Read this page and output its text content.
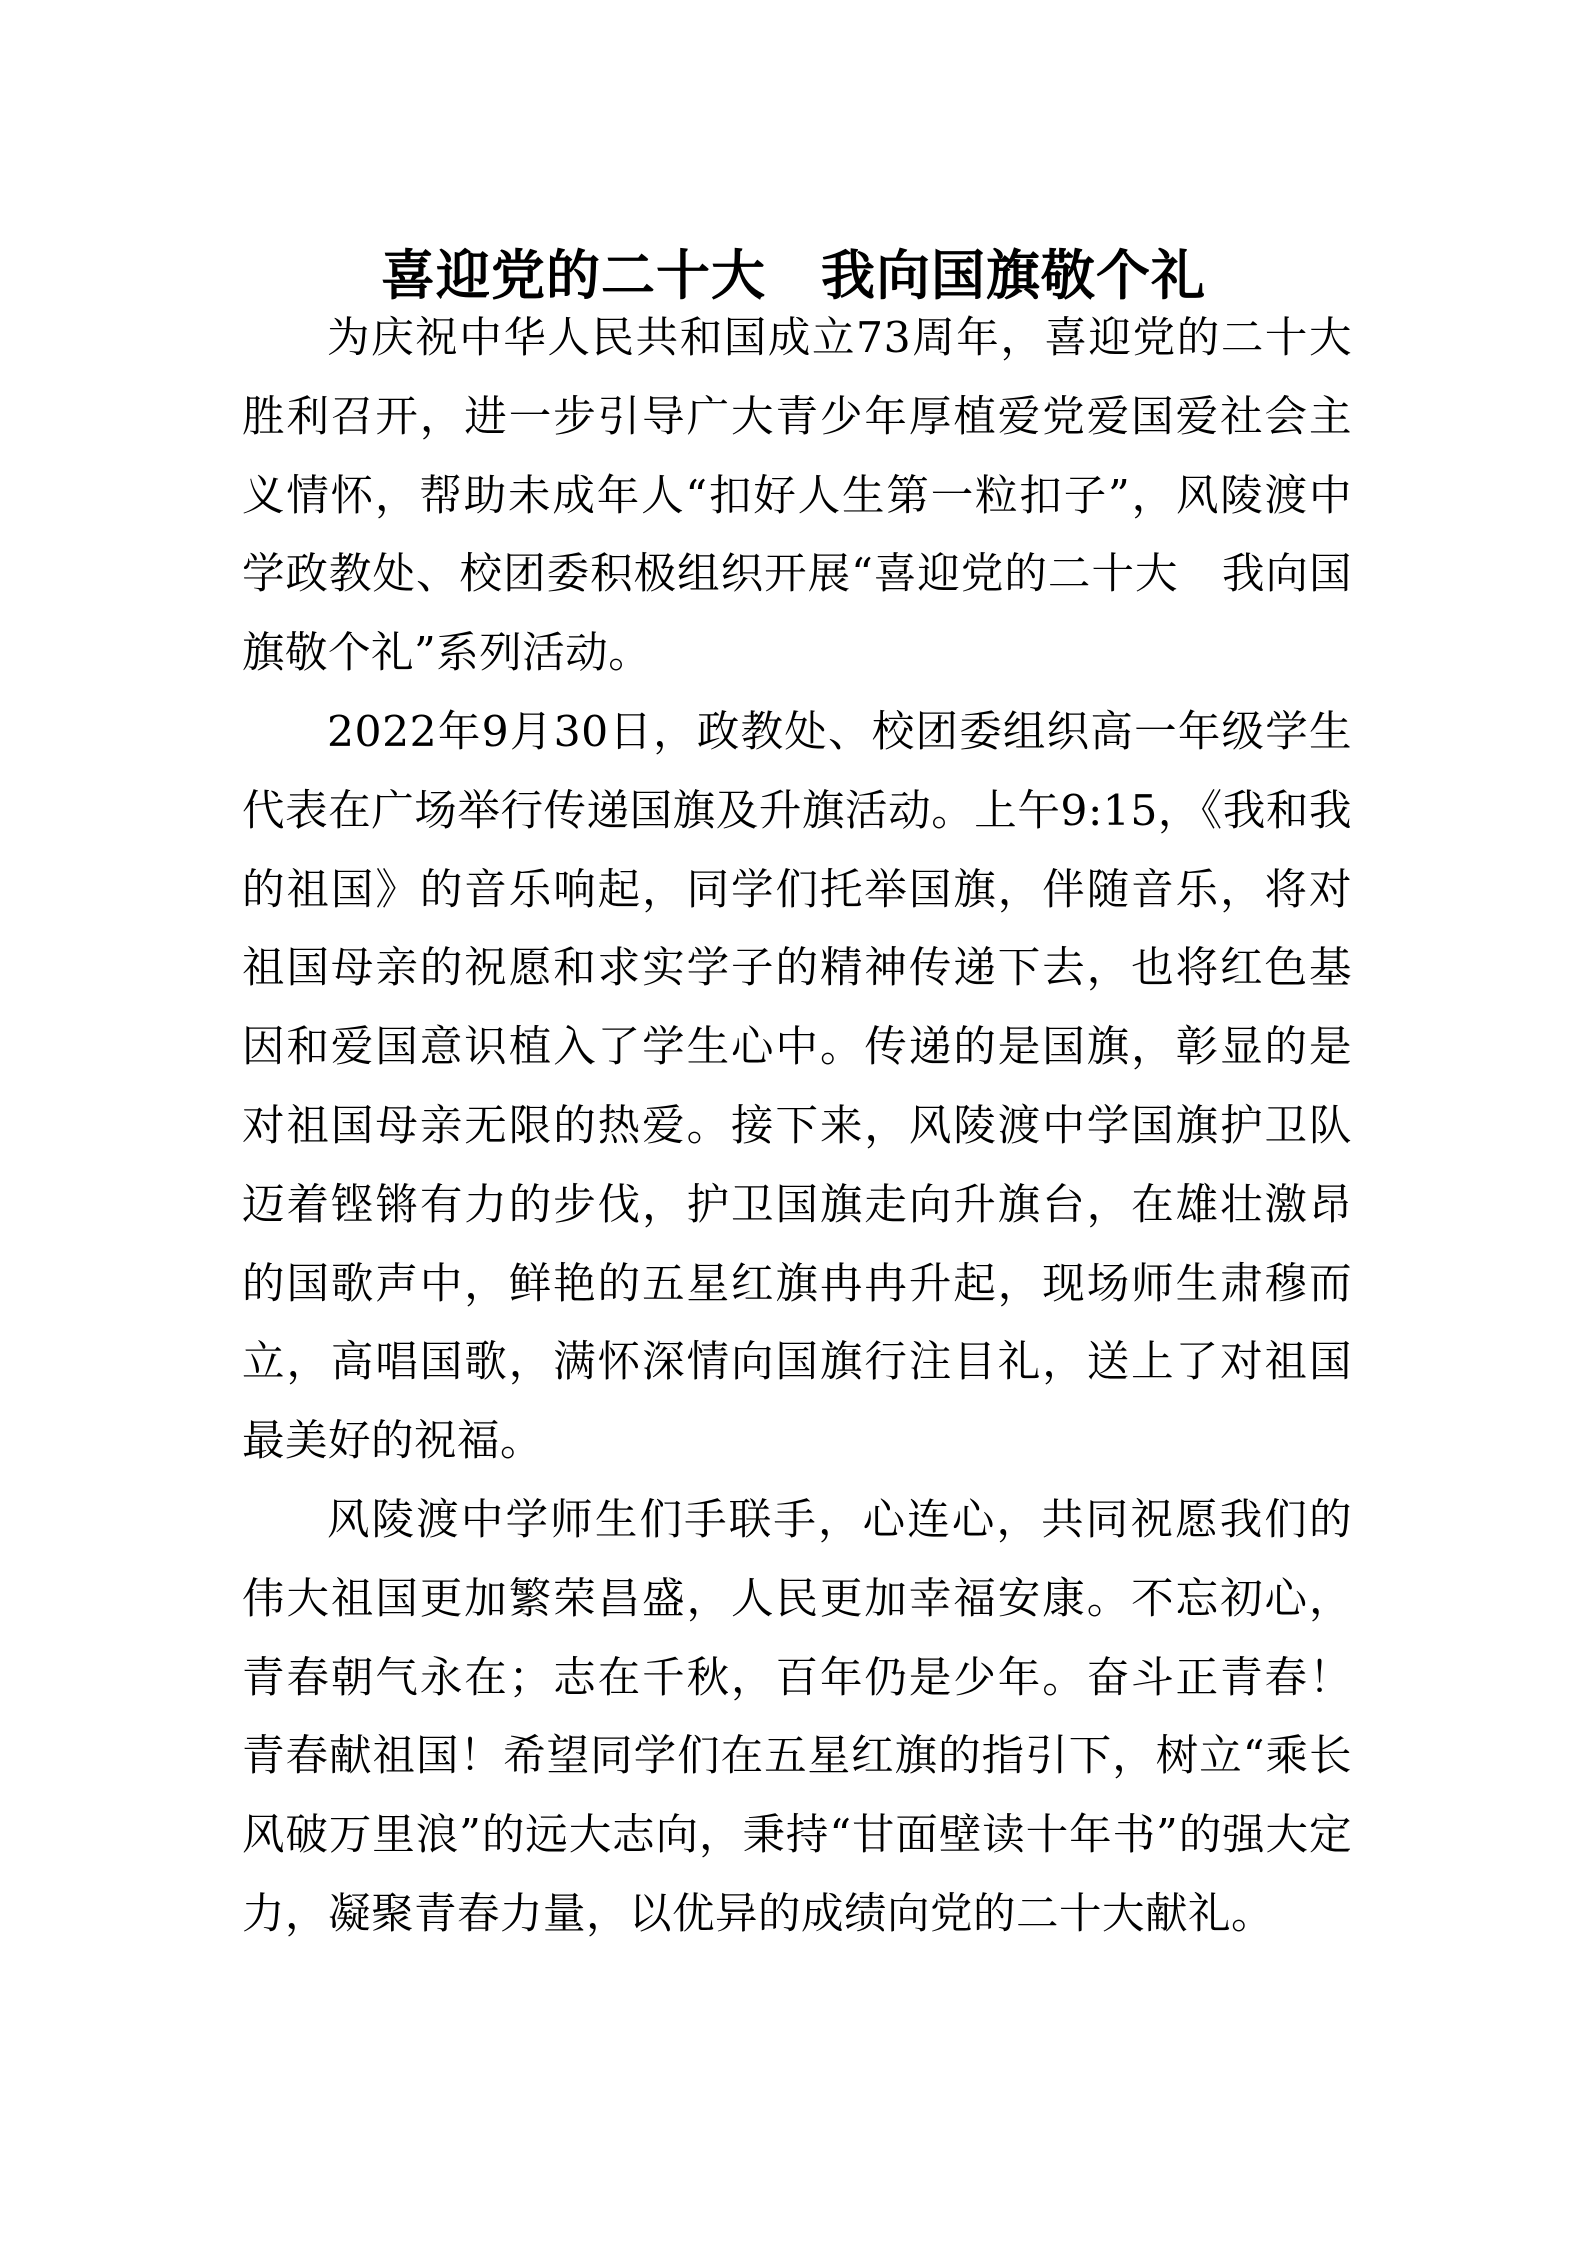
喜迎党的二十大　我向国旗敬个礼

为庆祝中华人民共和国成立73周年，喜迎党的二十大胜利召开，进一步引导广大青少年厚植爱党爱国爱社会主义情怀，帮助未成年人“扣好人生第一粒扣子”，风陵渡中学政教处、校团委积极组织开展“喜迎党的二十大　我向国旗敬个礼”系列活动。

2022年9月30日，政教处、校团委组织高一年级学生代表在广场举行传递国旗及升旗活动。上午9:15，《我和我的祖国》的音乐响起，同学们托举国旗，伴随音乐，将对祖国母亲的祝愿和求实学子的精神传递下去，也将红色基因和爱国意识植入了学生心中。传递的是国旗，彰显的是对祖国母亲无限的热爱。接下来，风陵渡中学国旗护卫队迈着铿锵有力的步伐，护卫国旗走向升旗台，在雄壮激昂的国歌声中，鲜艳的五星红旗冉冉升起，现场师生肃穆而立，高唱国歌，满怀深情向国旗行注目礼，送上了对祖国最美好的祝福。

风陵渡中学师生们手联手，心连心，共同祝愿我们的伟大祖国更加繁荣昌盛，人民更加幸福安康。不忘初心，青春朝气永在；志在千秋，百年仍是少年。奋斗正青春！青春献祖国！希望同学们在五星红旗的指引下，树立“乘长风破万里浪”的远大志向，秉持“甘面壁读十年书”的强大定力，凝聚青春力量，以优异的成绩向党的二十大献礼。
